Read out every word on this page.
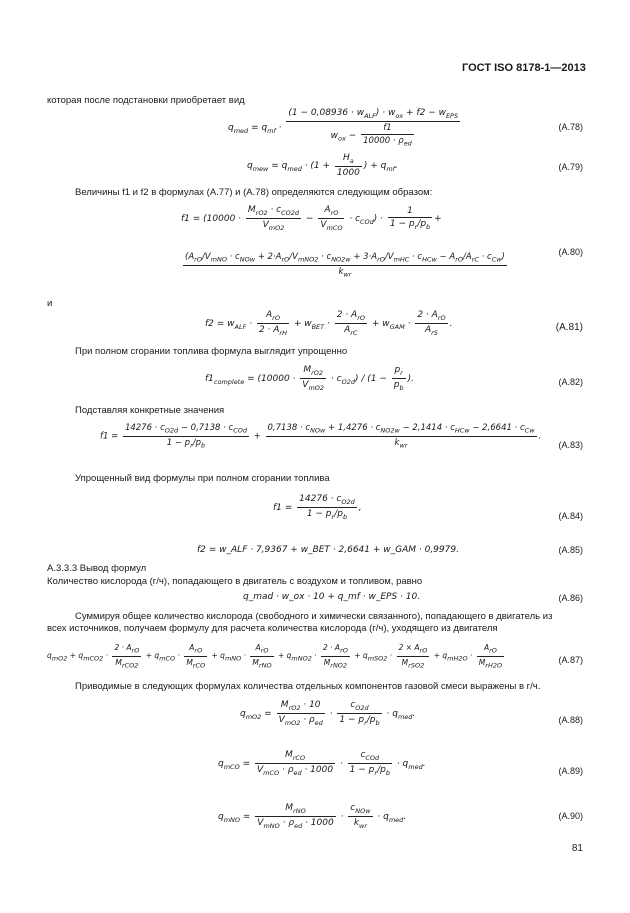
ГОСТ ISO 8178-1—2013
которая после подстановки приобретает вид
$q_{med} = q_{mf}$ ·
$(1 - 0,08936 \cdot w_{ALF}) \cdot w_{ox} + f2 - w_{EPS}$
$w_{ox}$ −
f1
$10000 \cdot \rho_{ed}$
(А.78)
$q_{mew} = q_{med} \cdot (1 + \frac{H_a}{1000}$ ) + $q_{mf}$.	(А.79)
Величины f1 и f2 в формулах (А.77) и (А.78) определяются следующим образом:
f1 = (10000 ·
$M_{rO2} \cdot c_{CO2d}$
$V_{mO2}$
−
$A_{rO}$
$V_{mCO}$
· $c_{COd}) \cdot \frac{1}{1 - p_r/p_b}$ +
$(A_{rO}/V_{mNO} \cdot c_{NOw} + 2\cdot A_{rO}/V_{mNO2} \cdot c_{NO2w} + 3\cdot A_{rO}/V_{mHC} \cdot c_{HCw} - A_{rO}/A_{rC} \cdot c_{Cw})$
$k_{wr}$
(А.80)
и
$f2 = w_{ALF}$ ·
$A_{rO}$
$2 \cdot A_{rH}$
+ $w_{BET}$ ·
$2 \cdot A_{rO}$
$A_{rC}$
+ $w_{GAM}$ ·
$2 \cdot A_{rO}$
$A_{rS}$
.	(А.81)
При полном сгорании топлива формула выглядит упрощенно
$f1_{complete} = (10000$ ·
$M_{rO2}$
$V_{mO2}$
· $c_{O2d}) / (1 - \frac{p_r}{p_b}$ ).	(А.82)
Подставляя конкретные значения
f1 =
$14276 \cdot c_{O2d} - 0,7138 \cdot c_{COd}$
$1 - p_r/p_b$
+
$0,7138 \cdot c_{NOw} + 1,4276 \cdot c_{NO2w} - 2,1414 \cdot c_{HCw} - 2,6641 \cdot c_{Cw}$
$k_{wr}$
.
(А.83)
Упрощенный вид формулы при полном сгорании топлива
$f1 = \frac{14276 \cdot c_{O2d}}{1 - p_r/p_b}$ ,
(А.84)
f2 = w_ALF · 7,9367 + w_BET · 2,6641 + w_GAM · 0,9979.	(А.85)
А.3.3.3 Вывод формул
Количество кислорода (г/ч), попадающего в двигатель с воздухом и топливом, равно
q_mad · w_ox · 10 + q_mf · w_EPS · 10.	(А.86)
Суммируя общее количество кислорода (свободного и химически связанного), попадающего в двигатель из
всех источников, получаем формулу для расчета количества кислорода (г/ч), уходящего из двигателя
$q_{mO2} + q_{mCO2}$ ·
$2 \cdot A_{rO}$
$M_{rCO2}$
+ $q_{mCO}$ ·
$A_{rO}$
$M_{rCO}$
+ $q_{mNO}$ ·
$A_{rO}$
$M_{rNO}$
+ $q_{mNO2}$ ·
$2 \cdot A_{rO}$
$M_{rNO2}$
+ $q_{mSO2}$ ·
$2 \times A_{rO}$
$M_{rSO2}$
+ $q_{mH2O}$ ·
$A_{rO}$
$M_{rH2O}$	(А.87)
Приводимые в следующих формулах количества отдельных компонентов газовой смеси выражены в г/ч.
$q_{mO2}$ =
$M_{rO2} \cdot 10$
$V_{mO2} \cdot \rho_{ed}$
· $\frac{c_{O2d}}{1 - p_r/p_b} \cdot q_{med}$.
(А.88)
$q_{mCO}$ =
$M_{rCO}$
$V_{mCO} \cdot \rho_{ed} \cdot 1000$
·
$c_{COd}$
$1 - p_r/p_b$
· $q_{med}$.
(А.89)
$q_{mNO}$ =
$M_{rNO}$
$V_{mNO} \cdot \rho_{ed} \cdot 1000$
·
$c_{NOw}$
$k_{wr}$
· $q_{med}$.	(А.90)
81
